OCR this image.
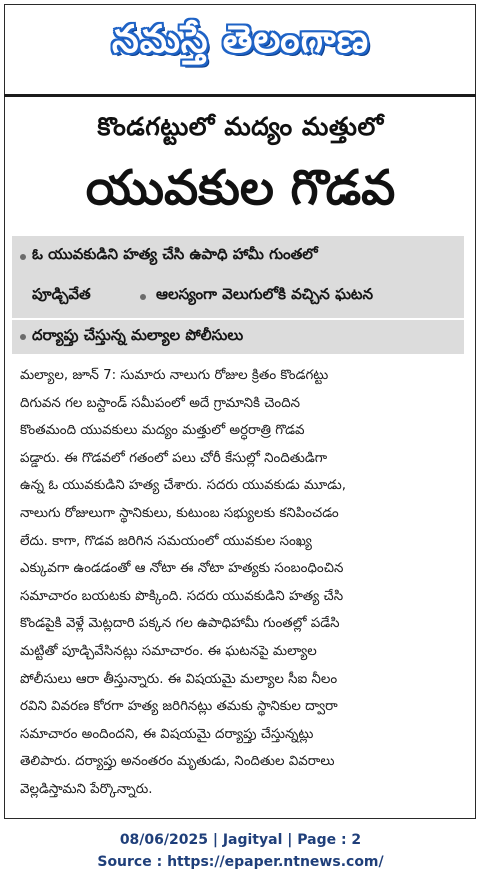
నమస్తే తెలంగాణ
కొండగట్టులో మద్యం మత్తులో
యువకుల గొడవ
ఓ యువకుడిని హత్య చేసి ఉపాధి హామీ గుంతలో
పూడ్చివేత	ఆలస్యంగా వెలుగులోకి వచ్చిన ఘటన
దర్యాప్తు చేస్తున్న మల్యాల పోలీసులు
మల్యాల, జూన్ 7: సుమారు నాలుగు రోజుల క్రితం కొండగట్టు
దిగువన గల బస్టాండ్ సమీపంలో అదే గ్రామానికి చెందిన
కొంతమంది యువకులు మద్యం మత్తులో అర్ధరాత్రి గొడవ
పడ్డారు. ఈ గొడవలో గతంలో పలు చోరీ కేసుల్లో నిందితుడిగా
ఉన్న ఓ యువకుడిని హత్య చేశారు. సదరు యువకుడు మూడు,
నాలుగు రోజులుగా స్థానికులు, కుటుంబ సభ్యులకు కనిపించడం
లేదు. కాగా, గొడవ జరిగిన సమయంలో యువకుల సంఖ్య
ఎక్కువగా ఉండడంతో ఆ నోటా ఈ నోటా హత్యకు సంబంధించిన
సమాచారం బయటకు పొక్కింది. సదరు యువకుడిని హత్య చేసి
కొండపైకి వెళ్లే మెట్లదారి పక్కన గల ఉపాధిహామీ గుంతల్లో పడేసి
మట్టితో పూడ్చివేసినట్లు సమాచారం. ఈ ఘటనపై మల్యాల
పోలీసులు ఆరా తీస్తున్నారు. ఈ విషయమై మల్యాల సీఐ నీలం
రవిని వివరణ కోరగా హత్య జరిగినట్లు తమకు స్థానికుల ద్వారా
సమాచారం అందిందని, ఈ విషయమై దర్యాప్తు చేస్తున్నట్లు
తెలిపారు. దర్యాప్తు అనంతరం మృతుడు, నిందితుల వివరాలు
వెల్లడిస్తామని పేర్కొన్నారు.
08/06/2025 | Jagityal | Page : 2
Source : https://epaper.ntnews.com/
